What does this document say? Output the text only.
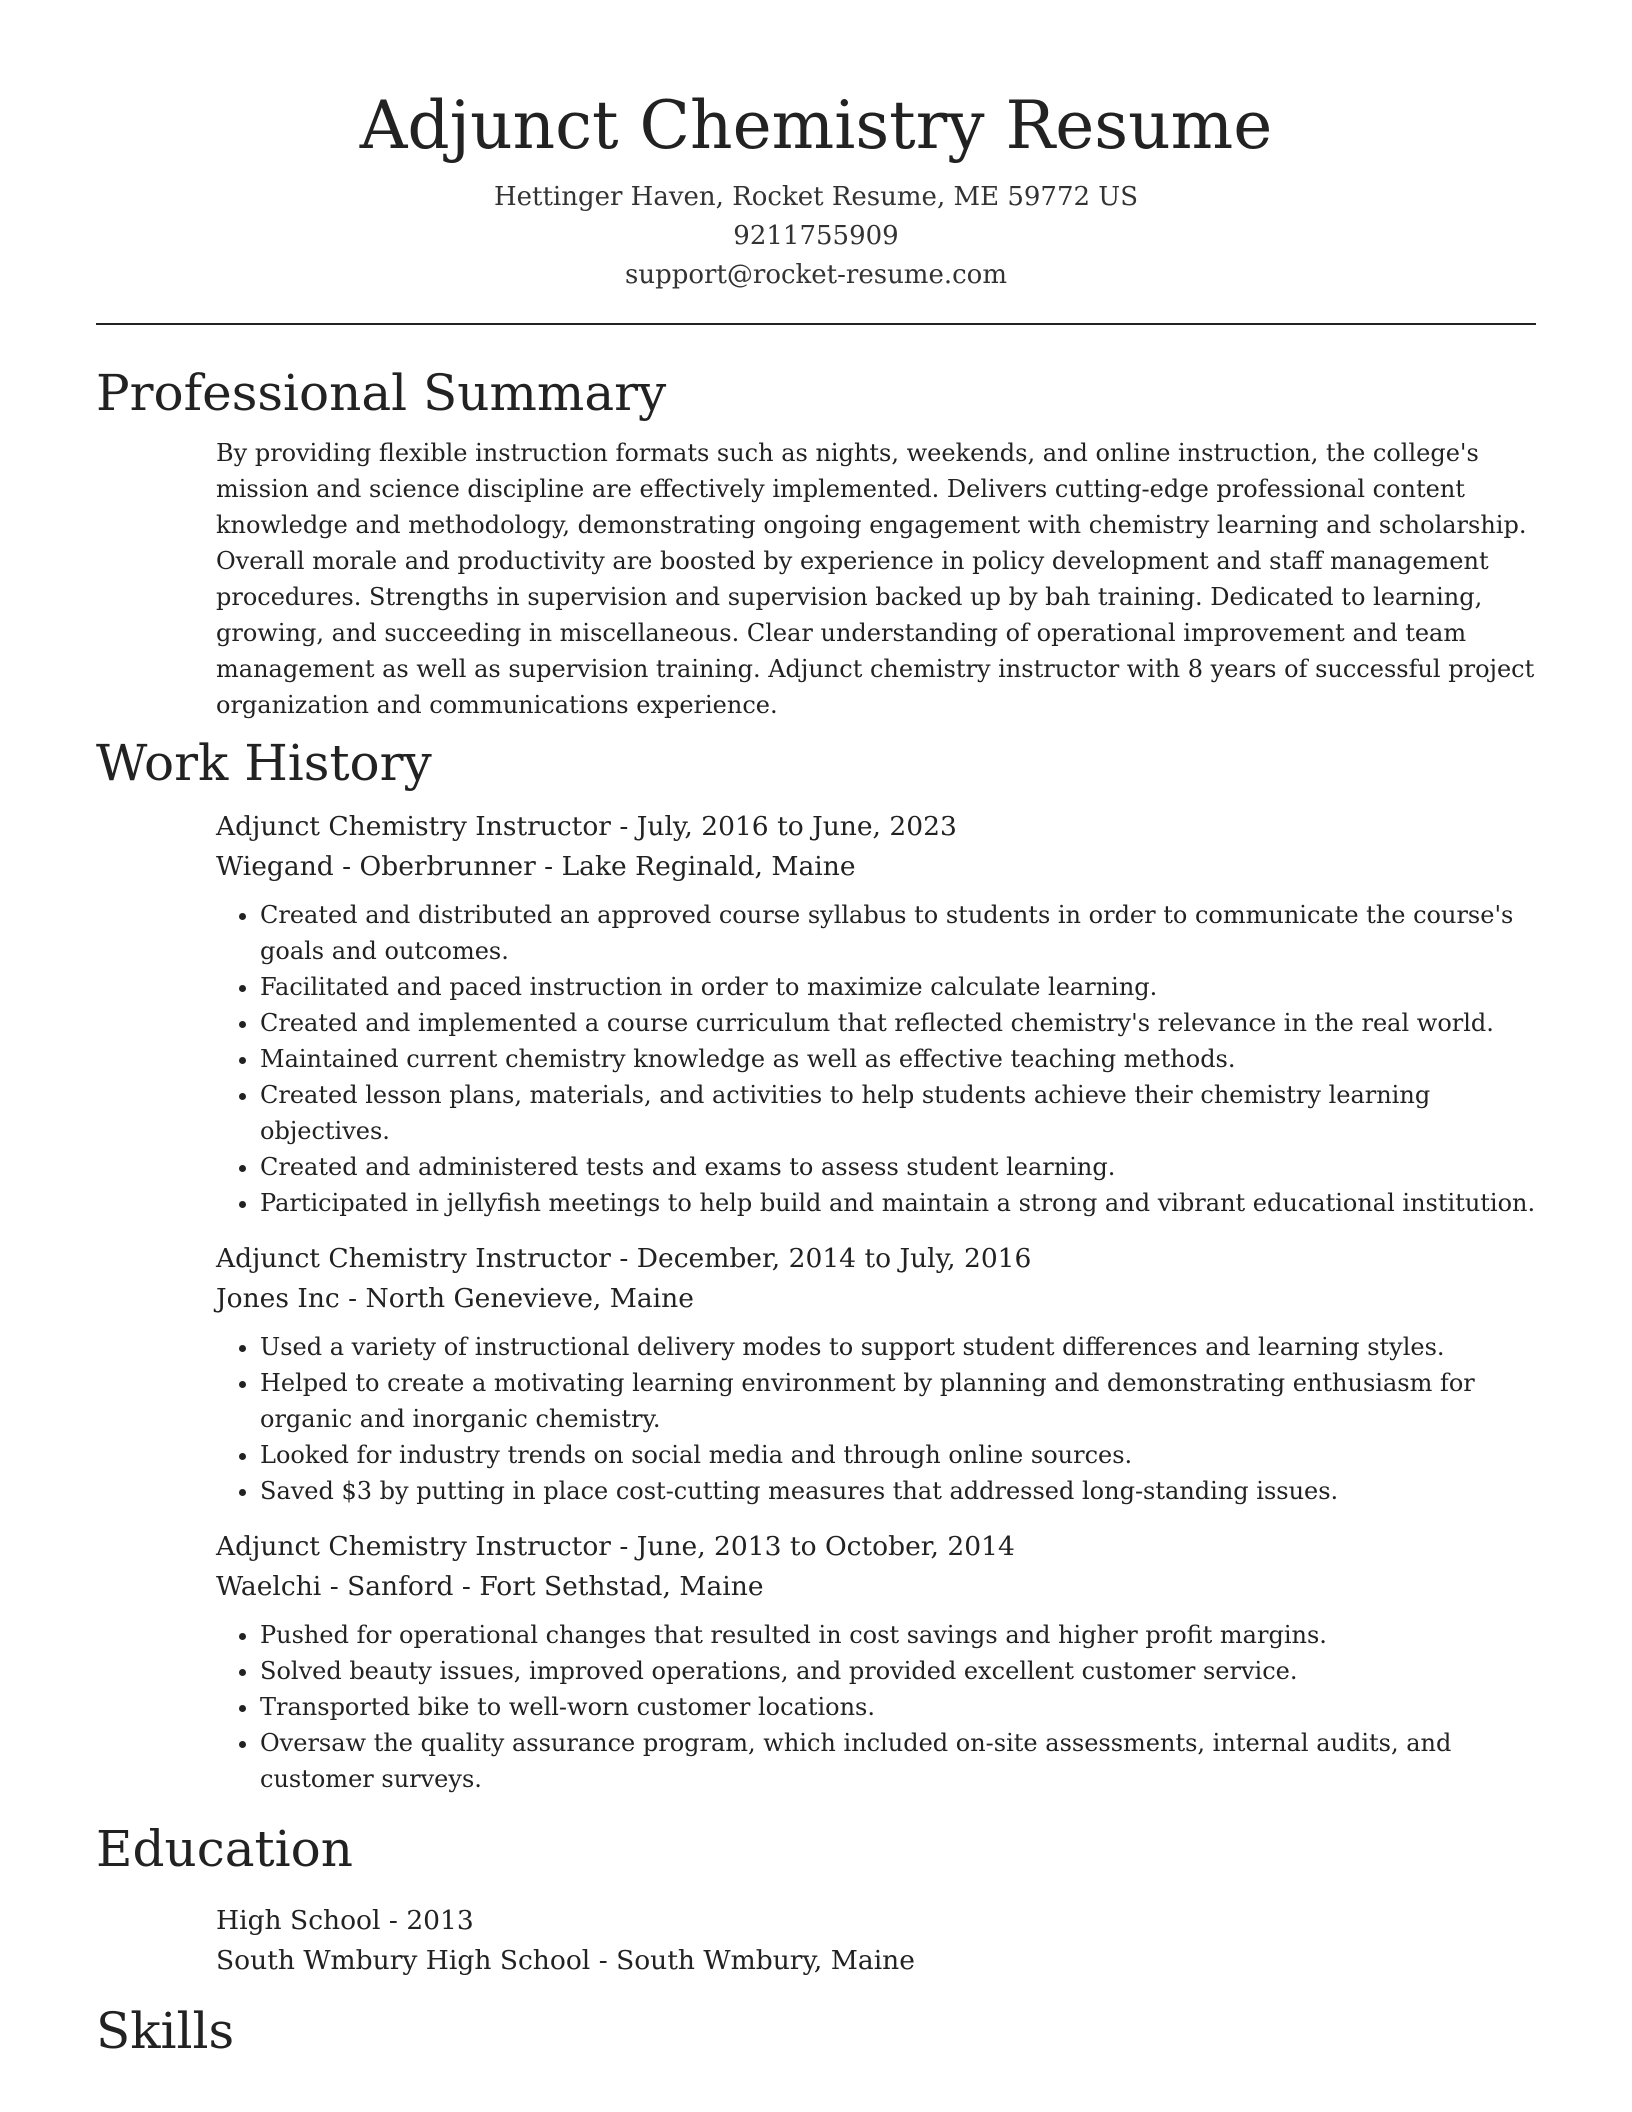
Adjunct Chemistry Resume
Hettinger Haven, Rocket Resume, ME 59772 US
9211755909
support@rocket-resume.com
Professional Summary
By providing flexible instruction formats such as nights, weekends, and online instruction, the college's mission and science discipline are effectively implemented. Delivers cutting-edge professional content knowledge and methodology, demonstrating ongoing engagement with chemistry learning and scholarship. Overall morale and productivity are boosted by experience in policy development and staff management procedures. Strengths in supervision and supervision backed up by bah training. Dedicated to learning, growing, and succeeding in miscellaneous. Clear understanding of operational improvement and team management as well as supervision training. Adjunct chemistry instructor with 8 years of successful project organization and communications experience.
Work History
Adjunct Chemistry Instructor - July, 2016 to June, 2023
Wiegand - Oberbrunner - Lake Reginald, Maine
• Created and distributed an approved course syllabus to students in order to communicate the course's goals and outcomes.
• Facilitated and paced instruction in order to maximize calculate learning.
• Created and implemented a course curriculum that reflected chemistry's relevance in the real world.
• Maintained current chemistry knowledge as well as effective teaching methods.
• Created lesson plans, materials, and activities to help students achieve their chemistry learning objectives.
• Created and administered tests and exams to assess student learning.
• Participated in jellyfish meetings to help build and maintain a strong and vibrant educational institution.
Adjunct Chemistry Instructor - December, 2014 to July, 2016
Jones Inc - North Genevieve, Maine
• Used a variety of instructional delivery modes to support student differences and learning styles.
• Helped to create a motivating learning environment by planning and demonstrating enthusiasm for organic and inorganic chemistry.
• Looked for industry trends on social media and through online sources.
• Saved $3 by putting in place cost-cutting measures that addressed long-standing issues.
Adjunct Chemistry Instructor - June, 2013 to October, 2014
Waelchi - Sanford - Fort Sethstad, Maine
• Pushed for operational changes that resulted in cost savings and higher profit margins.
• Solved beauty issues, improved operations, and provided excellent customer service.
• Transported bike to well-worn customer locations.
• Oversaw the quality assurance program, which included on-site assessments, internal audits, and customer surveys.
Education
High School - 2013
South Wmbury High School - South Wmbury, Maine
Skills
